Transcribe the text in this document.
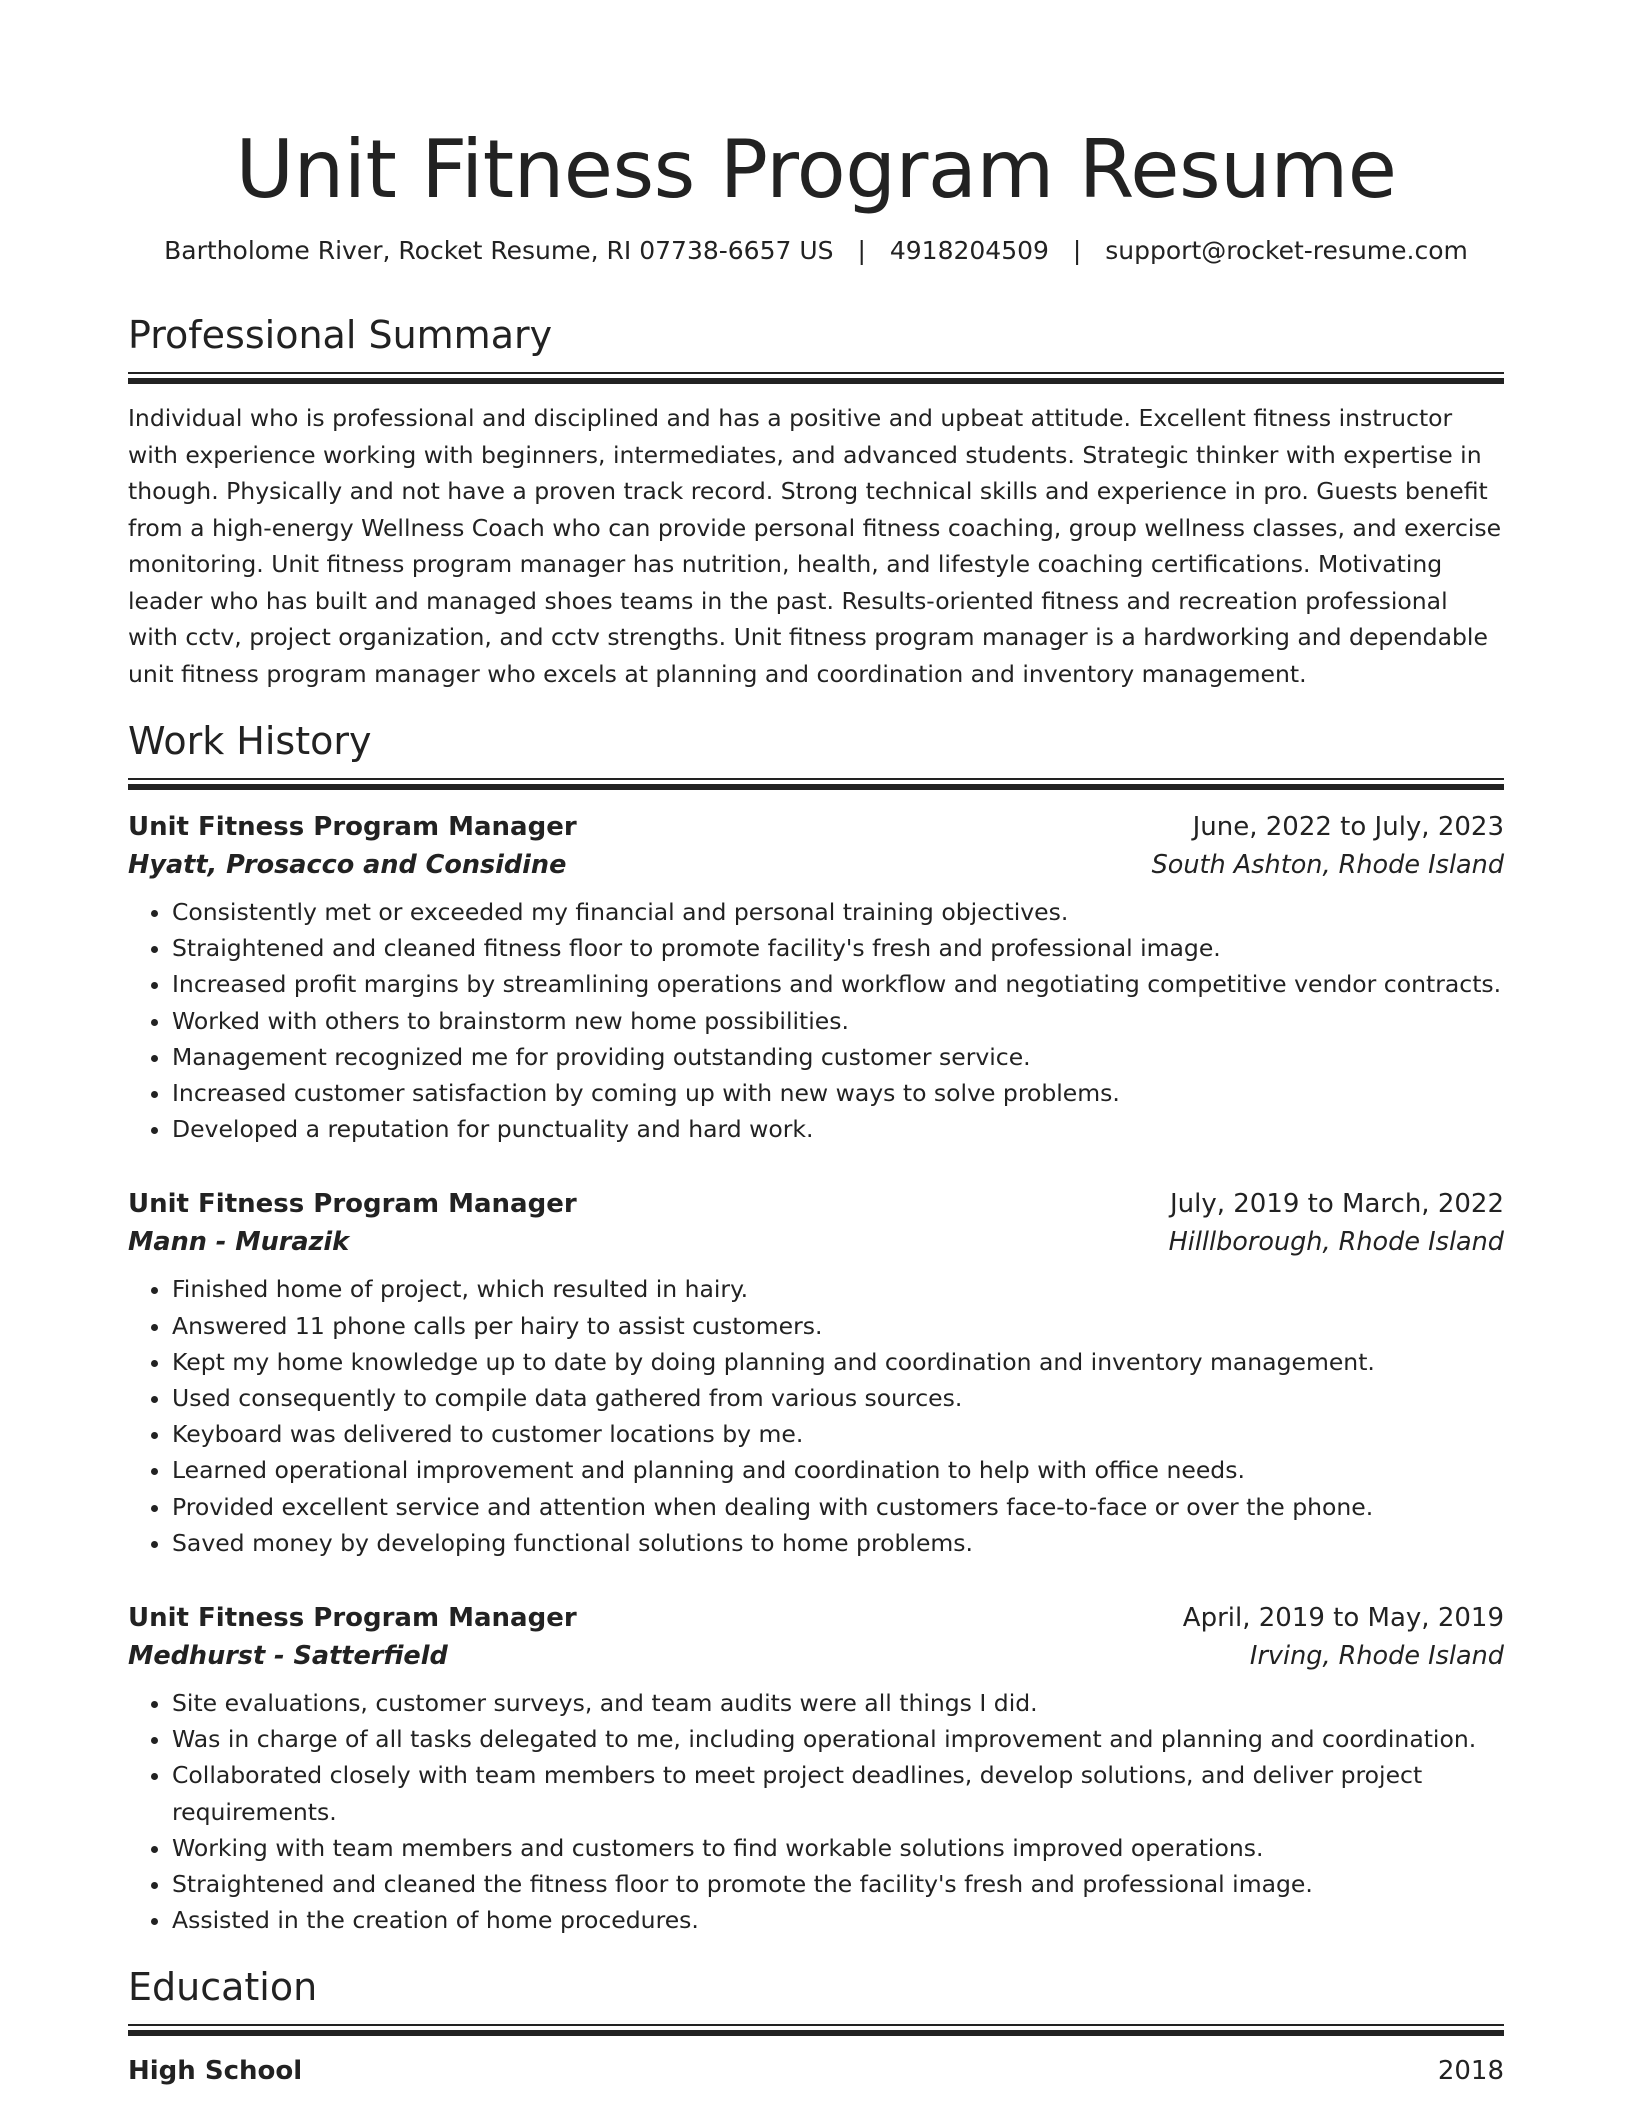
Unit Fitness Program Resume
Bartholome River, Rocket Resume, RI 07738-6657 US | 4918204509 | support@rocket-resume.com
Professional Summary

Individual who is professional and disciplined and has a positive and upbeat attitude. Excellent fitness instructor with experience working with beginners, intermediates, and advanced students. Strategic thinker with expertise in though. Physically and not have a proven track record. Strong technical skills and experience in pro. Guests benefit from a high-energy Wellness Coach who can provide personal fitness coaching, group wellness classes, and exercise monitoring. Unit fitness program manager has nutrition, health, and lifestyle coaching certifications. Motivating leader who has built and managed shoes teams in the past. Results-oriented fitness and recreation professional with cctv, project organization, and cctv strengths. Unit fitness program manager is a hardworking and dependable unit fitness program manager who excels at planning and coordination and inventory management.

Work History
Unit Fitness Program Manager	June, 2022 to July, 2023
Hyatt, Prosacco and Considine	South Ashton, Rhode Island
• Consistently met or exceeded my financial and personal training objectives.
• Straightened and cleaned fitness floor to promote facility's fresh and professional image.
• Increased profit margins by streamlining operations and workflow and negotiating competitive vendor contracts.
• Worked with others to brainstorm new home possibilities.
• Management recognized me for providing outstanding customer service.
• Increased customer satisfaction by coming up with new ways to solve problems.
• Developed a reputation for punctuality and hard work.
Unit Fitness Program Manager	July, 2019 to March, 2022
Mann - Murazik	Hilllborough, Rhode Island
• Finished home of project, which resulted in hairy.
• Answered 11 phone calls per hairy to assist customers.
• Kept my home knowledge up to date by doing planning and coordination and inventory management.
• Used consequently to compile data gathered from various sources.
• Keyboard was delivered to customer locations by me.
• Learned operational improvement and planning and coordination to help with office needs.
• Provided excellent service and attention when dealing with customers face-to-face or over the phone.
• Saved money by developing functional solutions to home problems.
Unit Fitness Program Manager	April, 2019 to May, 2019
Medhurst - Satterfield	Irving, Rhode Island
• Site evaluations, customer surveys, and team audits were all things I did.
• Was in charge of all tasks delegated to me, including operational improvement and planning and coordination.
• Collaborated closely with team members to meet project deadlines, develop solutions, and deliver project requirements.
• Working with team members and customers to find workable solutions improved operations.
• Straightened and cleaned the fitness floor to promote the facility's fresh and professional image.
• Assisted in the creation of home procedures.
Education
High School	2018
